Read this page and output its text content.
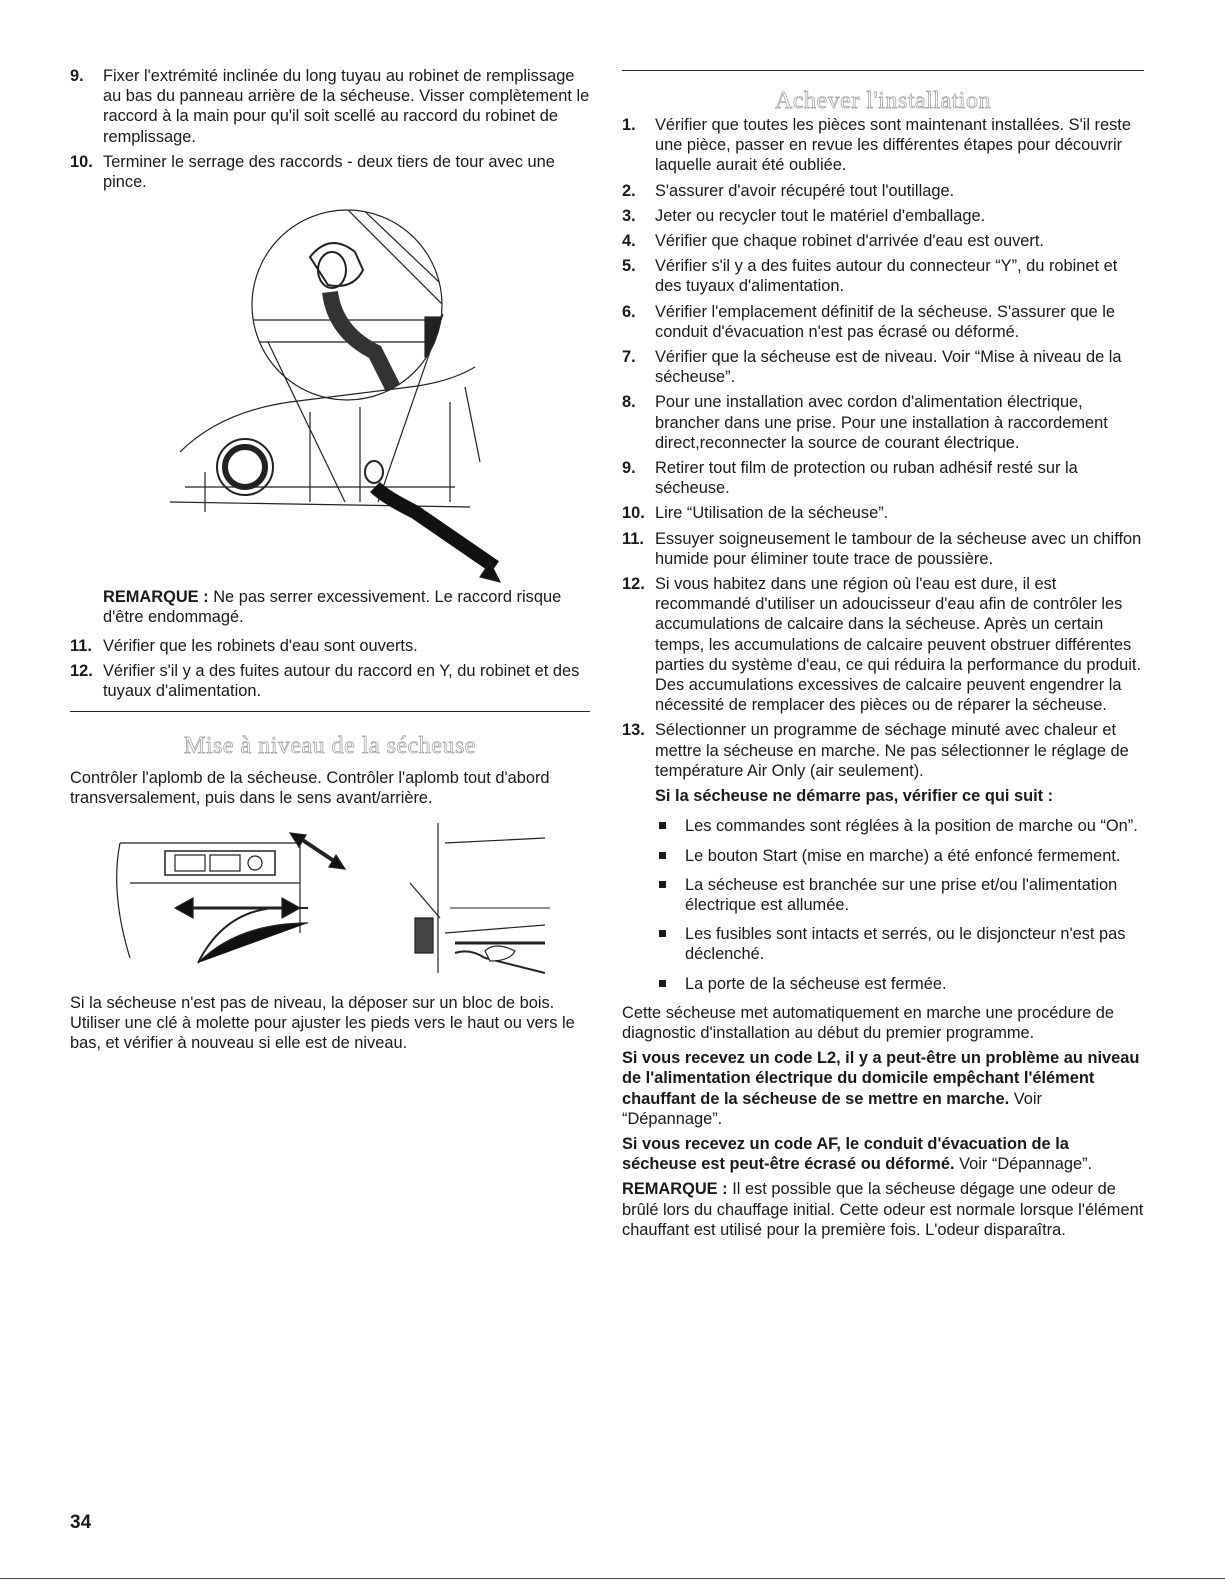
9.	Fixer l'extrémité inclinée du long tuyau au robinet de remplissage au bas du panneau arrière de la sécheuse. Visser complètement le raccord à la main pour qu'il soit scellé au raccord du robinet de remplissage.
10. Terminer le serrage des raccords - deux tiers de tour avec une pince.
REMARQUE : Ne pas serrer excessivement. Le raccord risque d'être endommagé.
11. Vérifier que les robinets d'eau sont ouverts.
12. Vérifier s'il y a des fuites autour du raccord en Y, du robinet et des tuyaux d'alimentation.
Mise à niveau de la sécheuse
Contrôler l'aplomb de la sécheuse. Contrôler l'aplomb tout d'abord transversalement, puis dans le sens avant/arrière.
Si la sécheuse n'est pas de niveau, la déposer sur un bloc de bois. Utiliser une clé à molette pour ajuster les pieds vers le haut ou vers le bas, et vérifier à nouveau si elle est de niveau.
Achever l'installation
1.	Vérifier que toutes les pièces sont maintenant installées. S'il reste une pièce, passer en revue les différentes étapes pour découvrir laquelle aurait été oubliée.
2.	S'assurer d'avoir récupéré tout l'outillage.
3.	Jeter ou recycler tout le matériel d'emballage.
4.	Vérifier que chaque robinet d'arrivée d'eau est ouvert.
5.	Vérifier s'il y a des fuites autour du connecteur “Y”, du robinet et des tuyaux d'alimentation.
6.	Vérifier l'emplacement définitif de la sécheuse. S'assurer que le conduit d'évacuation n'est pas écrasé ou déformé.
7.	Vérifier que la sécheuse est de niveau. Voir “Mise à niveau de la sécheuse”.
8.	Pour une installation avec cordon d'alimentation électrique, brancher dans une prise. Pour une installation à raccordement direct,reconnecter la source de courant électrique.
9.	Retirer tout film de protection ou ruban adhésif resté sur la sécheuse.
10. Lire “Utilisation de la sécheuse”.
11. Essuyer soigneusement le tambour de la sécheuse avec un chiffon humide pour éliminer toute trace de poussière.
12. Si vous habitez dans une région où l'eau est dure, il est recommandé d'utiliser un adoucisseur d'eau afin de contrôler les accumulations de calcaire dans la sécheuse. Après un certain temps, les accumulations de calcaire peuvent obstruer différentes parties du système d'eau, ce qui réduira la performance du produit. Des accumulations excessives de calcaire peuvent engendrer la nécessité de remplacer des pièces ou de réparer la sécheuse.
13. Sélectionner un programme de séchage minuté avec chaleur et mettre la sécheuse en marche. Ne pas sélectionner le réglage de température Air Only (air seulement).
Si la sécheuse ne démarre pas, vérifier ce qui suit :
Les commandes sont réglées à la position de marche ou “On”.
Le bouton Start (mise en marche) a été enfoncé fermement.
La sécheuse est branchée sur une prise et/ou l'alimentation électrique est allumée.
Les fusibles sont intacts et serrés, ou le disjoncteur n'est pas déclenché.
La porte de la sécheuse est fermée.
Cette sécheuse met automatiquement en marche une procédure de diagnostic d'installation au début du premier programme.
Si vous recevez un code L2, il y a peut-être un problème au niveau de l'alimentation électrique du domicile empêchant l'élément chauffant de la sécheuse de se mettre en marche. Voir “Dépannage”.
Si vous recevez un code AF, le conduit d'évacuation de la sécheuse est peut-être écrasé ou déformé. Voir “Dépannage”.
REMARQUE : Il est possible que la sécheuse dégage une odeur de brûlé lors du chauffage initial. Cette odeur est normale lorsque l'élément chauffant est utilisé pour la première fois. L'odeur disparaîtra.
34
